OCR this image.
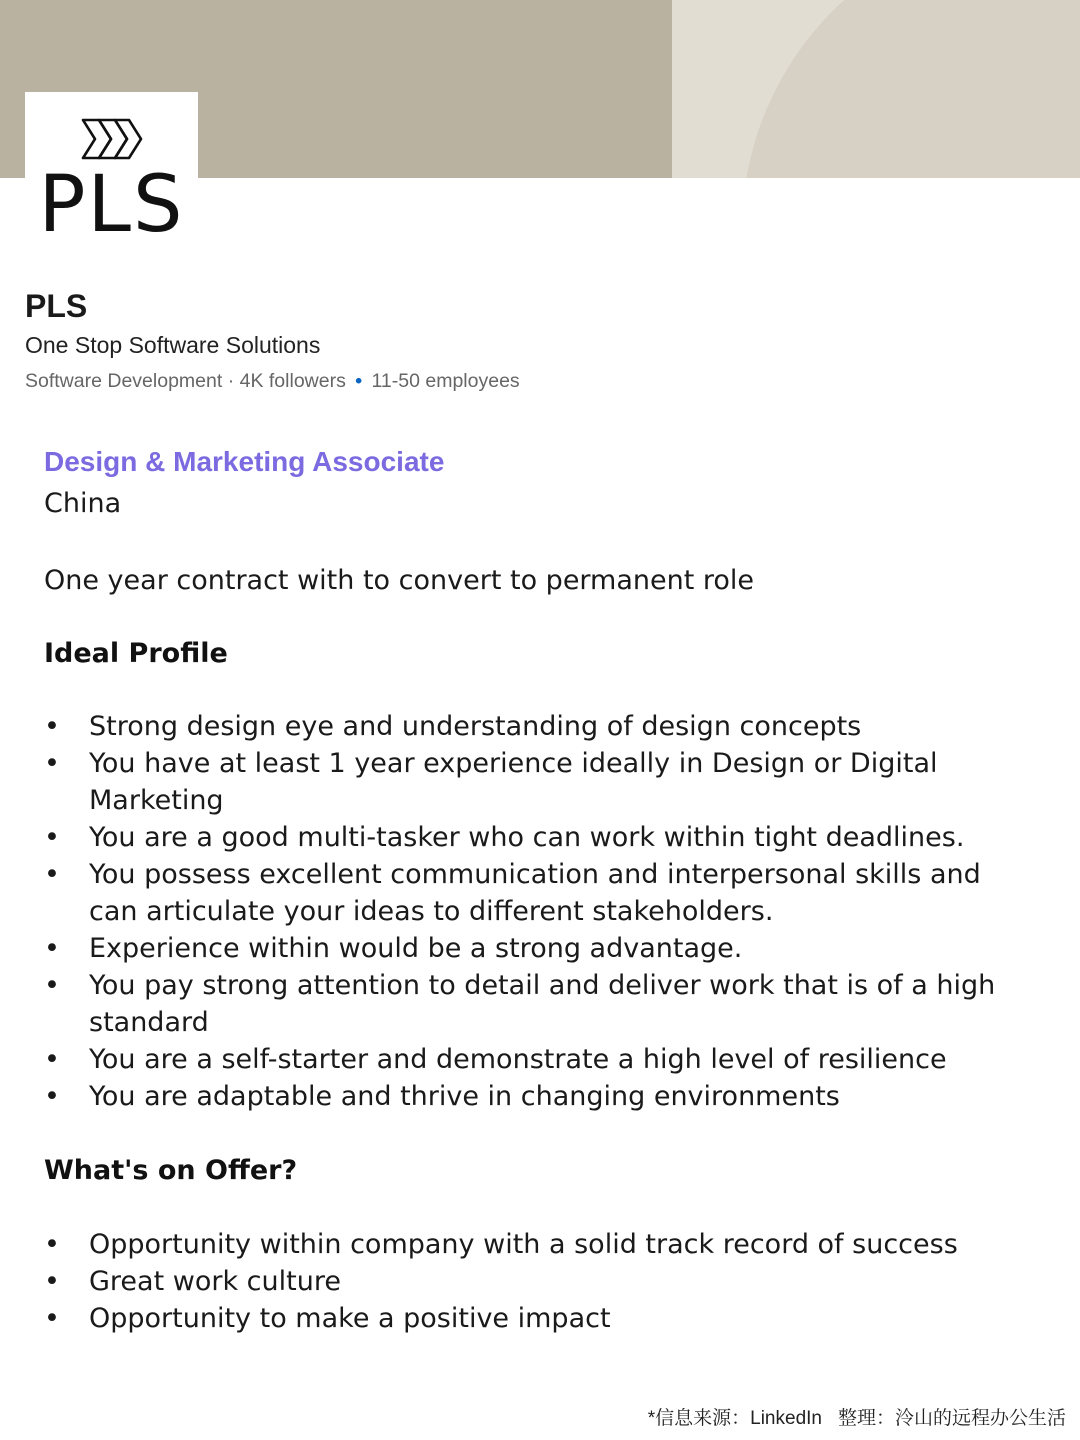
PLS
PLS
One Stop Software Solutions
Software Development · 4K followers • 11-50 employees
Design & Marketing Associate
China
One year contract with to convert to permanent role
Ideal Profile
• Strong design eye and understanding of design concepts
• You have at least 1 year experience ideally in Design or Digital Marketing
• You are a good multi-tasker who can work within tight deadlines.
• You possess excellent communication and interpersonal skills and can articulate your ideas to different stakeholders.
• Experience within would be a strong advantage.
• You pay strong attention to detail and deliver work that is of a high standard
• You are a self-starter and demonstrate a high level of resilience
• You are adaptable and thrive in changing environments
What's on Offer?
• Opportunity within company with a solid track record of success
• Great work culture
• Opportunity to make a positive impact
*信息来源：LinkedIn 整理：泠山的远程办公生活
